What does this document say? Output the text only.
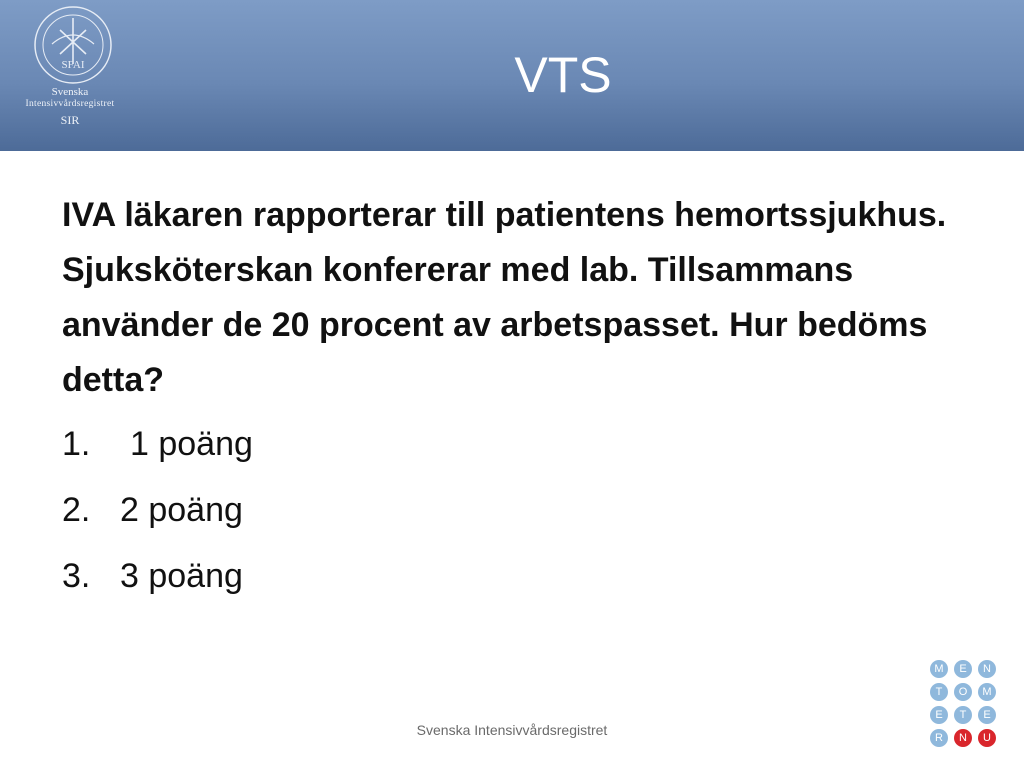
SFAI
Svenska
Intensivvårdsregistret
SIR
VTS
IVA läkaren rapporterar till patientens hemortssjukhus. Sjuksköterskan konfererar med lab. Tillsammans använder de 20 procent av arbetspasset. Hur bedöms detta?
1. 1 poäng
2. 2 poäng
3. 3 poäng
Svenska Intensivvårdsregistret
M	E	N
T	O	M
E	T	E
R	N	U
